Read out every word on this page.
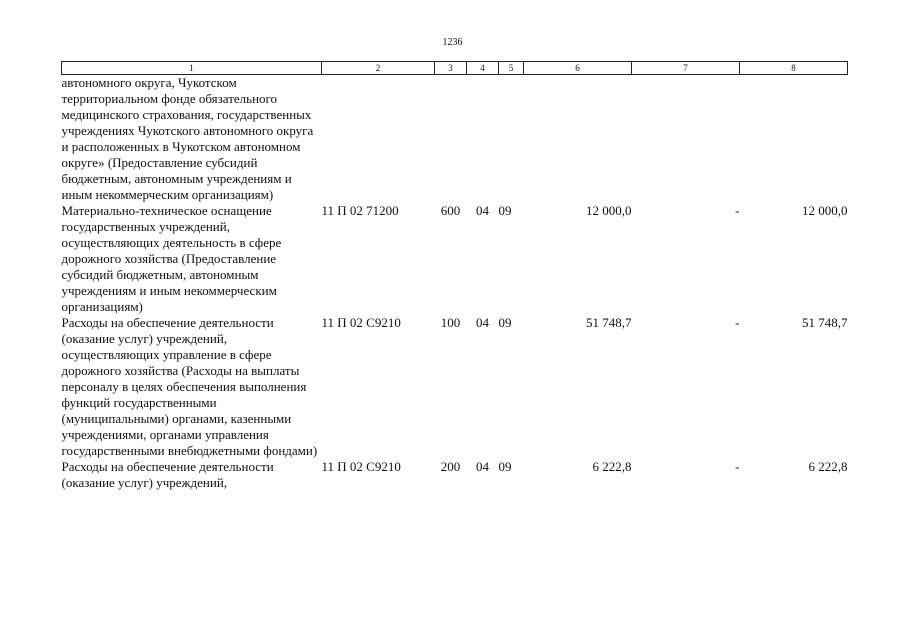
1236
1	2	3	4	5	6	7	8
автономного округа, Чукотском территориальном фонде обязательного медицинского страхования, государственных учреждениях Чукотского автономного округа и расположенных в Чукотском автономном округе» (Предоставление субсидий бюджетным, автономным учреждениям и иным некоммерческим организациям)							
Материально-техническое оснащение государственных учреждений, осуществляющих деятельность в сфере дорожного хозяйства (Предоставление субсидий бюджетным, автономным учреждениям и иным некоммерческим организациям)	11 П 02 71200	600	04	09	12 000,0	-	12 000,0
Расходы на обеспечение деятельности (оказание услуг) учреждений, осуществляющих управление в сфере дорожного хозяйства (Расходы на выплаты персоналу в целях обеспечения выполнения функций государственными (муниципальными) органами, казенными учреждениями, органами управления государственными внебюджетными фондами)	11 П 02 С9210	100	04	09	51 748,7	-	51 748,7
Расходы на обеспечение деятельности (оказание услуг) учреждений,	11 П 02 С9210	200	04	09	6 222,8	-	6 222,8
